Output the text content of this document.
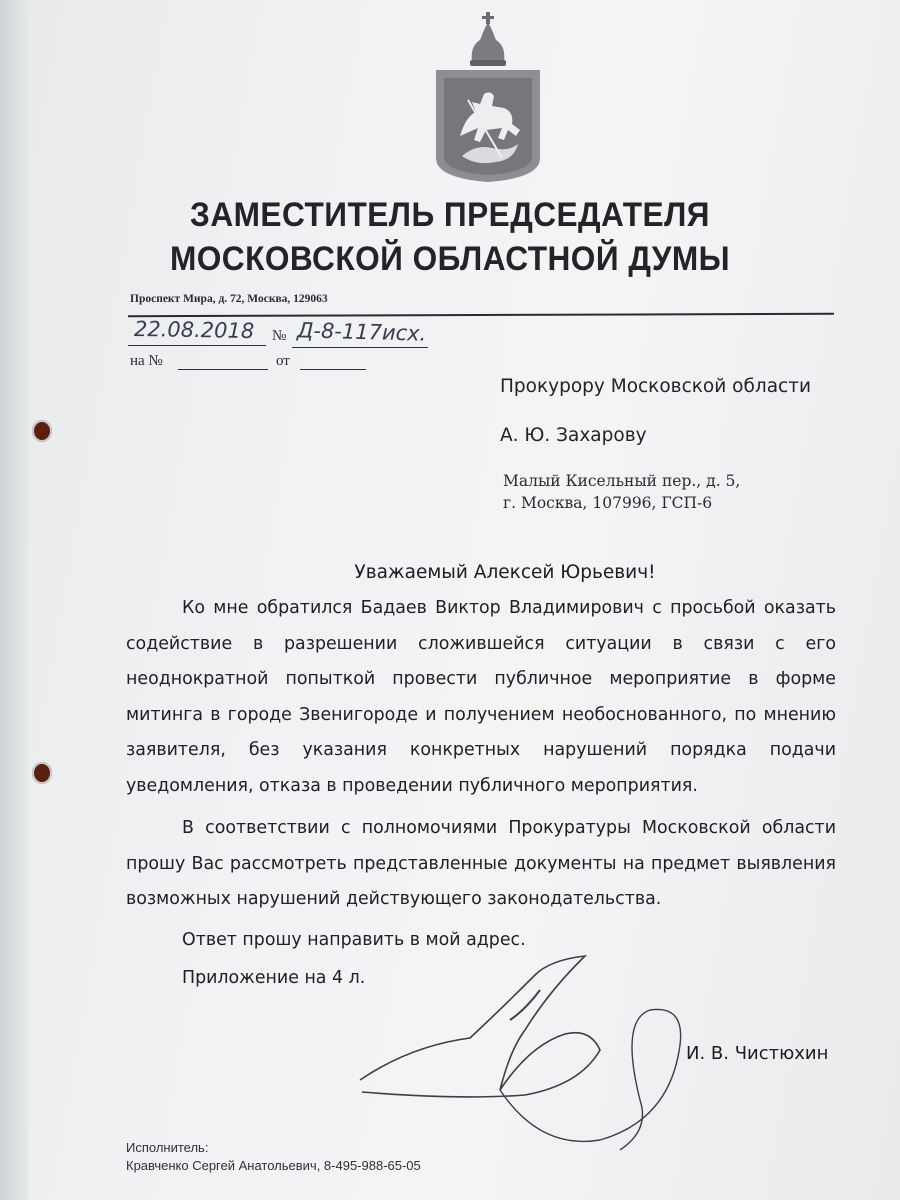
ЗАМЕСТИТЕЛЬ ПРЕДСЕДАТЕЛЯ
МОСКОВСКОЙ ОБЛАСТНОЙ ДУМЫ
Проспект Мира, д. 72, Москва, 129063
22.08.2018 № Д-8-117исх.
на №	от
Прокурору Московской области
А. Ю. Захарову
Малый Кисельный пер., д. 5,
г. Москва, 107996, ГСП-6
Уважаемый Алексей Юрьевич!

Ко мне обратился Бадаев Виктор Владимирович с просьбой оказать содействие в разрешении сложившейся ситуации в связи с его неоднократной попыткой провести публичное мероприятие в форме митинга в городе Звенигороде и получением необоснованного, по мнению заявителя, без указания конкретных нарушений порядка подачи уведомления, отказа в проведении публичного мероприятия.

В соответствии с полномочиями Прокуратуры Московской области прошу Вас рассмотреть представленные документы на предмет выявления возможных нарушений действующего законодательства.

Ответ прошу направить в мой адрес.

Приложение на 4 л.

И. В. Чистюхин
Исполнитель:
Кравченко Сергей Анатольевич, 8-495-988-65-05
